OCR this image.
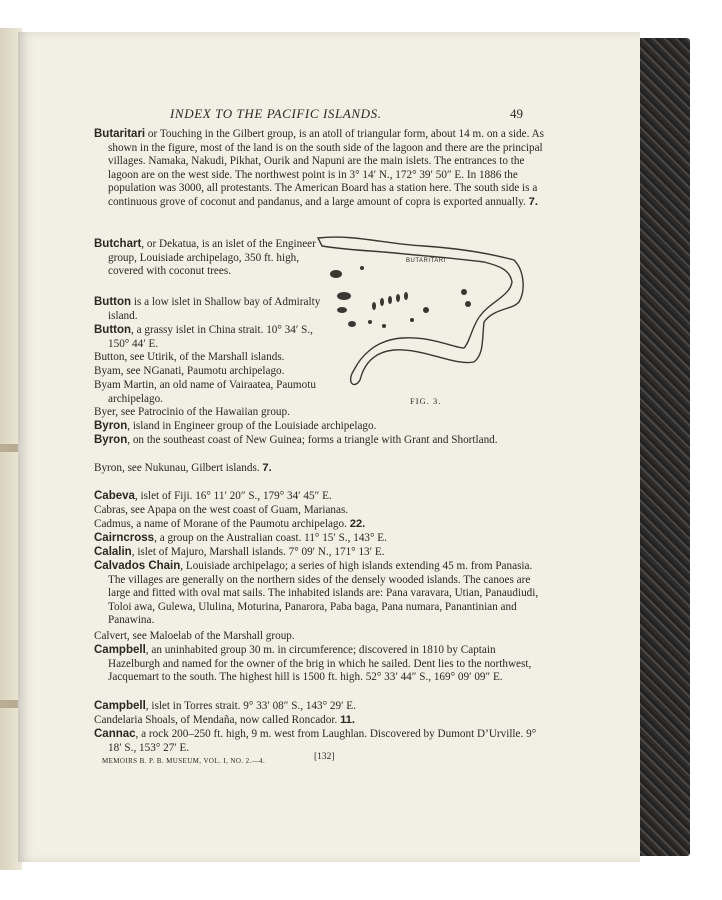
INDEX TO THE PACIFIC ISLANDS.	49
Butaritari or Touching in the Gilbert group, is an atoll of triangular form, about 14 m. on a side. As shown in the figure, most of the land is on the south side of the lagoon and there are the principal villages. Namaka, Nakudi, Pikhat, Ourik and Napuni are the main islets. The entrances to the lagoon are on the west side. The northwest point is in 3° 14′ N., 172° 39′ 50″ E. In 1886 the population was 3000, all protestants. The American Board has a station here. The south side is a continuous grove of coconut and pandanus, and a large amount of copra is exported annually. 7.
Butchart, or Dekatua, is an islet of the Engineer group, Louisiade archipelago, 350 ft. high, covered with coconut trees.
Button is a low islet in Shallow bay of Admiralty island.
Button, a grassy islet in China strait. 10° 34′ S., 150° 44′ E.
Button, see Utirik, of the Marshall islands.
Byam, see NGanati, Paumotu archipelago.
Byam Martin, an old name of Vairaatea, Paumotu archipelago.
Byer, see Patrocinio of the Hawaiian group.
BUTARITARI
FIG. 3.
Byron, island in Engineer group of the Louisiade archipelago.
Byron, on the southeast coast of New Guinea; forms a triangle with Grant and Shortland.
Byron, see Nukunau, Gilbert islands. 7.
Cabeva, islet of Fiji. 16° 11′ 20″ S., 179° 34′ 45″ E.
Cabras, see Apapa on the west coast of Guam, Marianas.
Cadmus, a name of Morane of the Paumotu archipelago. 22.
Cairncross, a group on the Australian coast. 11° 15′ S., 143° E.
Calalin, islet of Majuro, Marshall islands. 7° 09′ N., 171° 13′ E.
Calvados Chain, Louisiade archipelago; a series of high islands extending 45 m. from Panasia. The villages are generally on the northern sides of the densely wooded islands. The canoes are large and fitted with oval mat sails. The inhabited islands are: Pana varavara, Utian, Panaudiudi, Toloi awa, Gulewa, Ululina, Moturina, Panarora, Paba baga, Pana numara, Panantinian and Panawina.
Calvert, see Maloelab of the Marshall group.
Campbell, an uninhabited group 30 m. in circumference; discovered in 1810 by Captain Hazelburgh and named for the owner of the brig in which he sailed. Dent lies to the northwest, Jacquemart to the south. The highest hill is 1500 ft. high. 52° 33′ 44″ S., 169° 09′ 09″ E.
Campbell, islet in Torres strait. 9° 33′ 08″ S., 143° 29′ E.
Candelaria Shoals, of Mendaña, now called Roncador. 11.
Cannac, a rock 200–250 ft. high, 9 m. west from Laughlan. Discovered by Dumont D’Urville. 9° 18′ S., 153° 27′ E.
MEMOIRS B. P. B. MUSEUM, VOL. I, NO. 2.—4.	[132]
